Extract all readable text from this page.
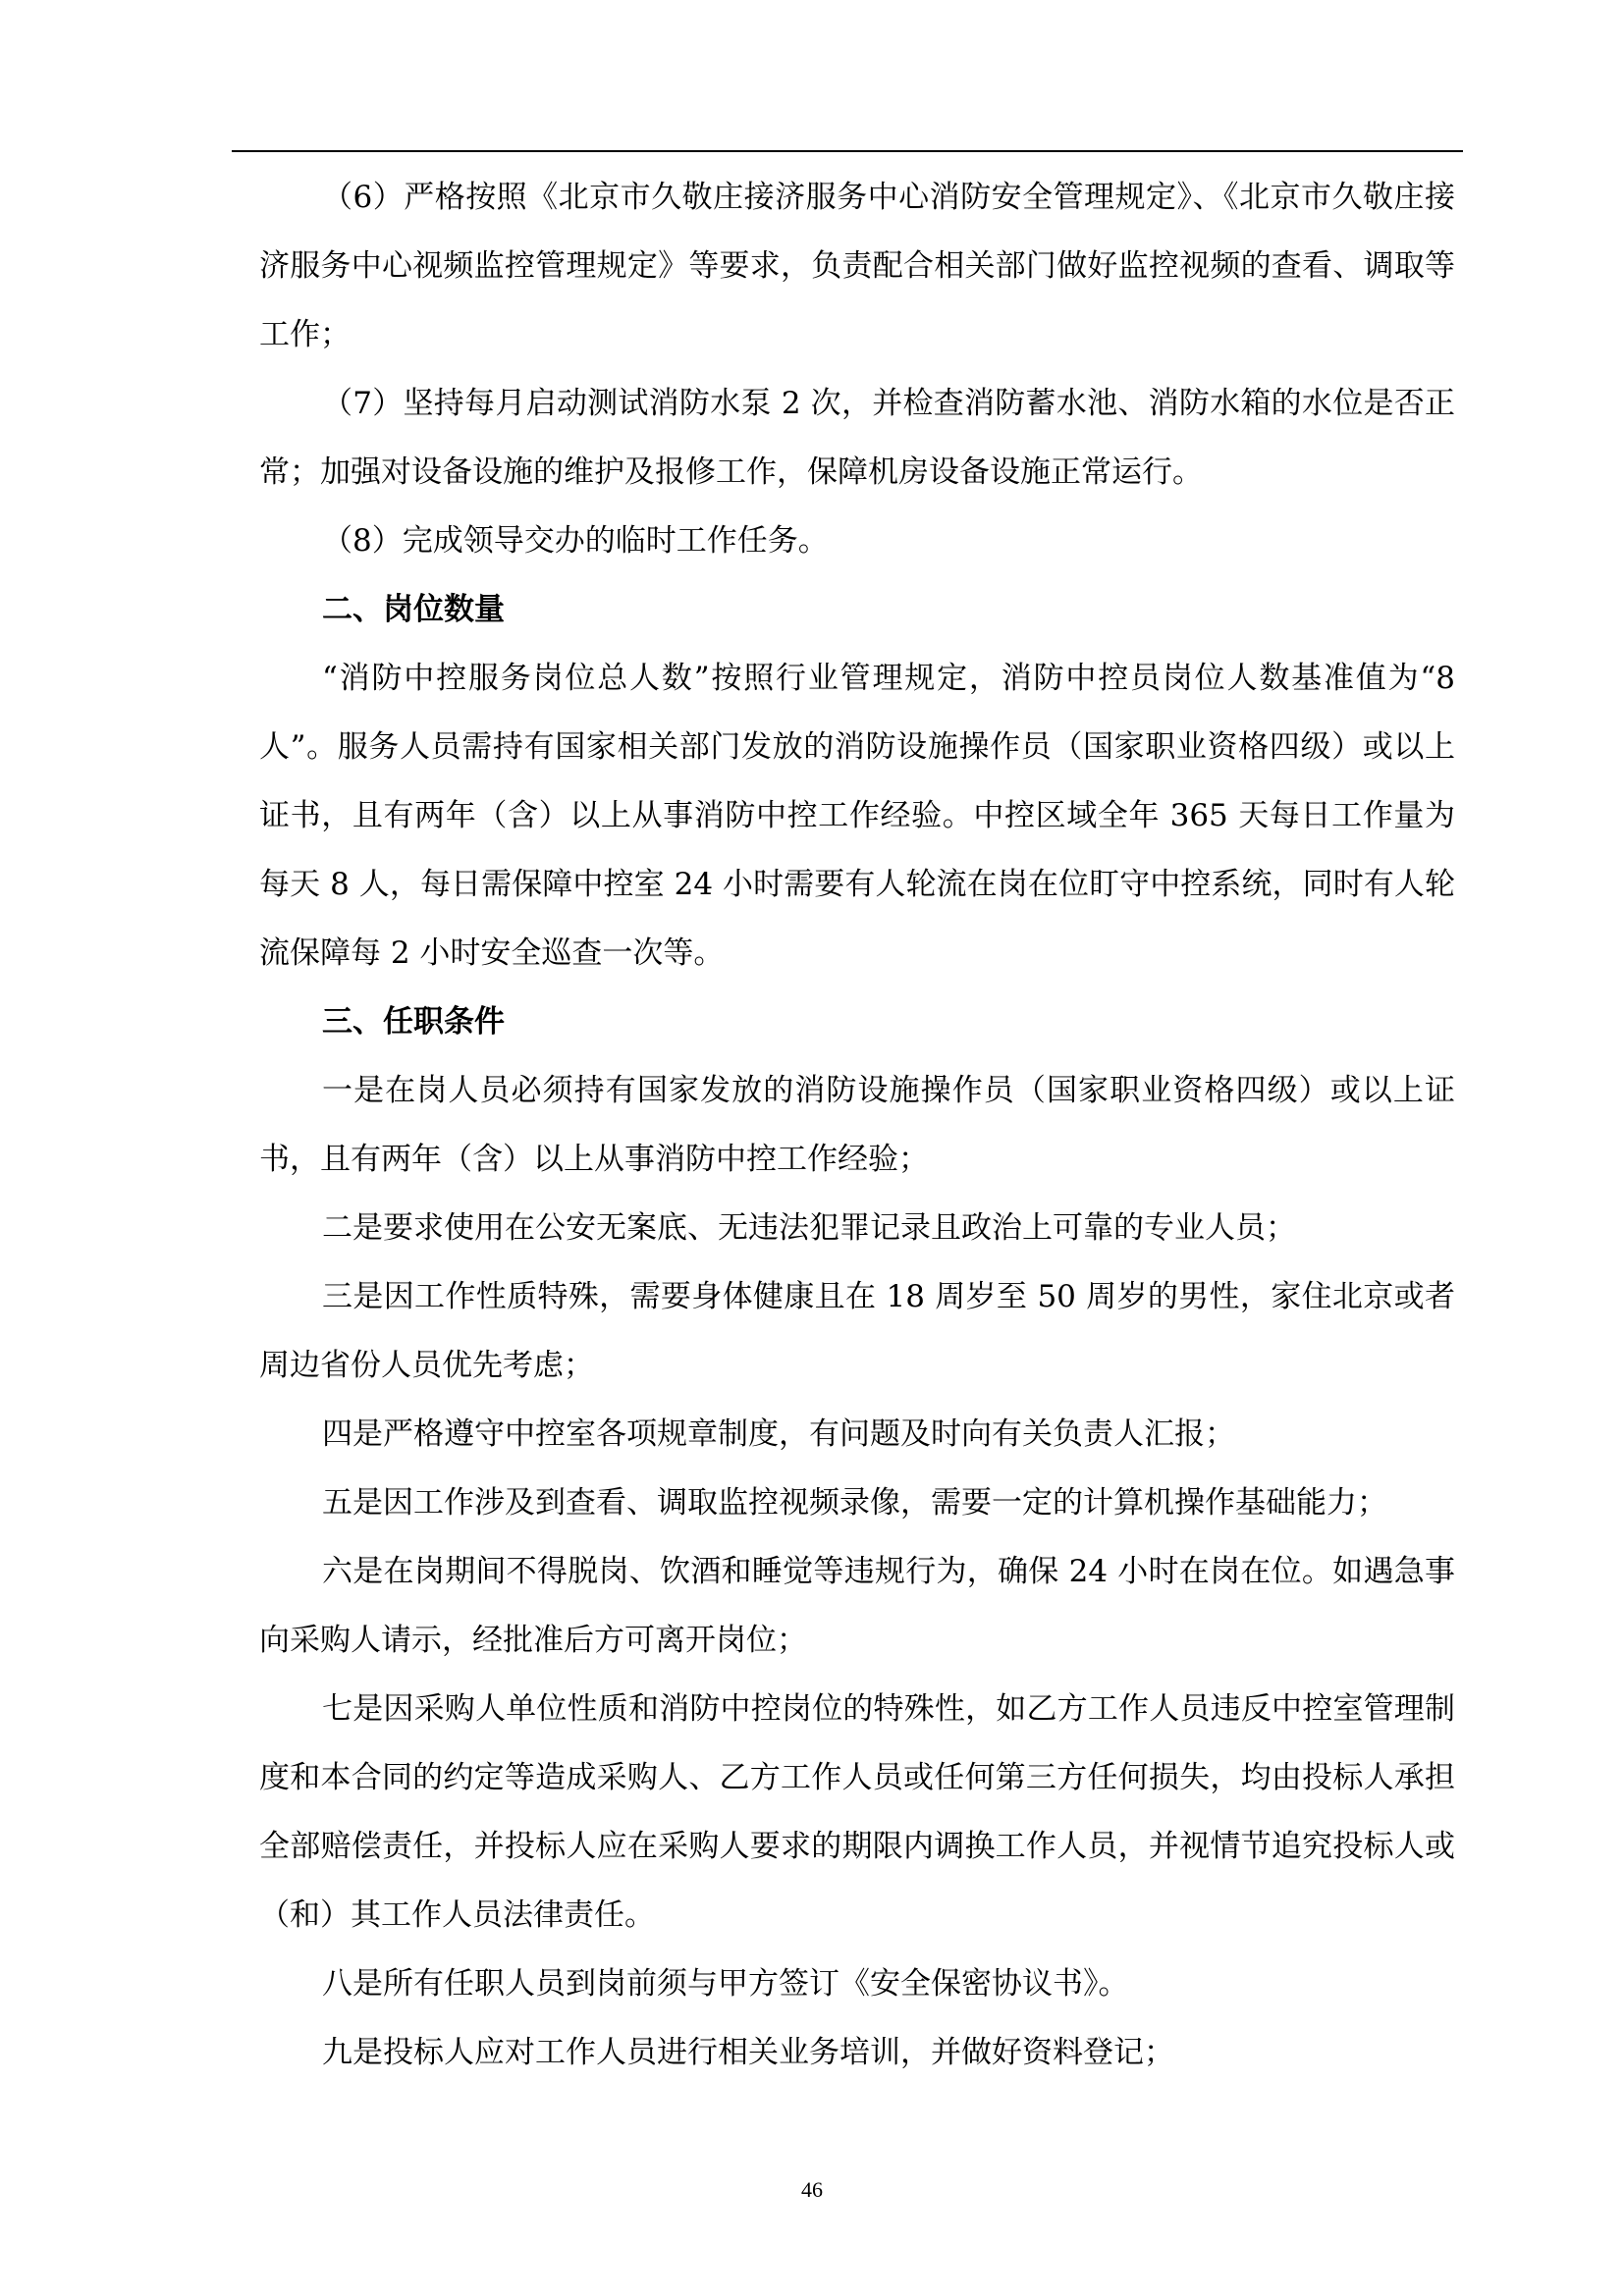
（6）严格按照《北京市久敬庄接济服务中心消防安全管理规定》、《北京市久敬庄接济服务中心视频监控管理规定》等要求，负责配合相关部门做好监控视频的查看、调取等工作；

（7）坚持每月启动测试消防水泵 2 次，并检查消防蓄水池、消防水箱的水位是否正常；加强对设备设施的维护及报修工作，保障机房设备设施正常运行。

（8）完成领导交办的临时工作任务。

二、岗位数量

“消防中控服务岗位总人数”按照行业管理规定，消防中控员岗位人数基准值为“8 人”。服务人员需持有国家相关部门发放的消防设施操作员（国家职业资格四级）或以上证书，且有两年（含）以上从事消防中控工作经验。中控区域全年 365 天每日工作量为每天 8 人，每日需保障中控室 24 小时需要有人轮流在岗在位盯守中控系统，同时有人轮流保障每 2 小时安全巡查一次等。

三、任职条件

一是在岗人员必须持有国家发放的消防设施操作员（国家职业资格四级）或以上证书，且有两年（含）以上从事消防中控工作经验；

二是要求使用在公安无案底、无违法犯罪记录且政治上可靠的专业人员；

三是因工作性质特殊，需要身体健康且在 18 周岁至 50 周岁的男性，家住北京或者周边省份人员优先考虑；

四是严格遵守中控室各项规章制度，有问题及时向有关负责人汇报；

五是因工作涉及到查看、调取监控视频录像，需要一定的计算机操作基础能力；

六是在岗期间不得脱岗、饮酒和睡觉等违规行为，确保 24 小时在岗在位。如遇急事向采购人请示，经批准后方可离开岗位；

七是因采购人单位性质和消防中控岗位的特殊性，如乙方工作人员违反中控室管理制度和本合同的约定等造成采购人、乙方工作人员或任何第三方任何损失，均由投标人承担全部赔偿责任，并投标人应在采购人要求的期限内调换工作人员，并视情节追究投标人或（和）其工作人员法律责任。

八是所有任职人员到岗前须与甲方签订《安全保密协议书》。

九是投标人应对工作人员进行相关业务培训，并做好资料登记；

46
